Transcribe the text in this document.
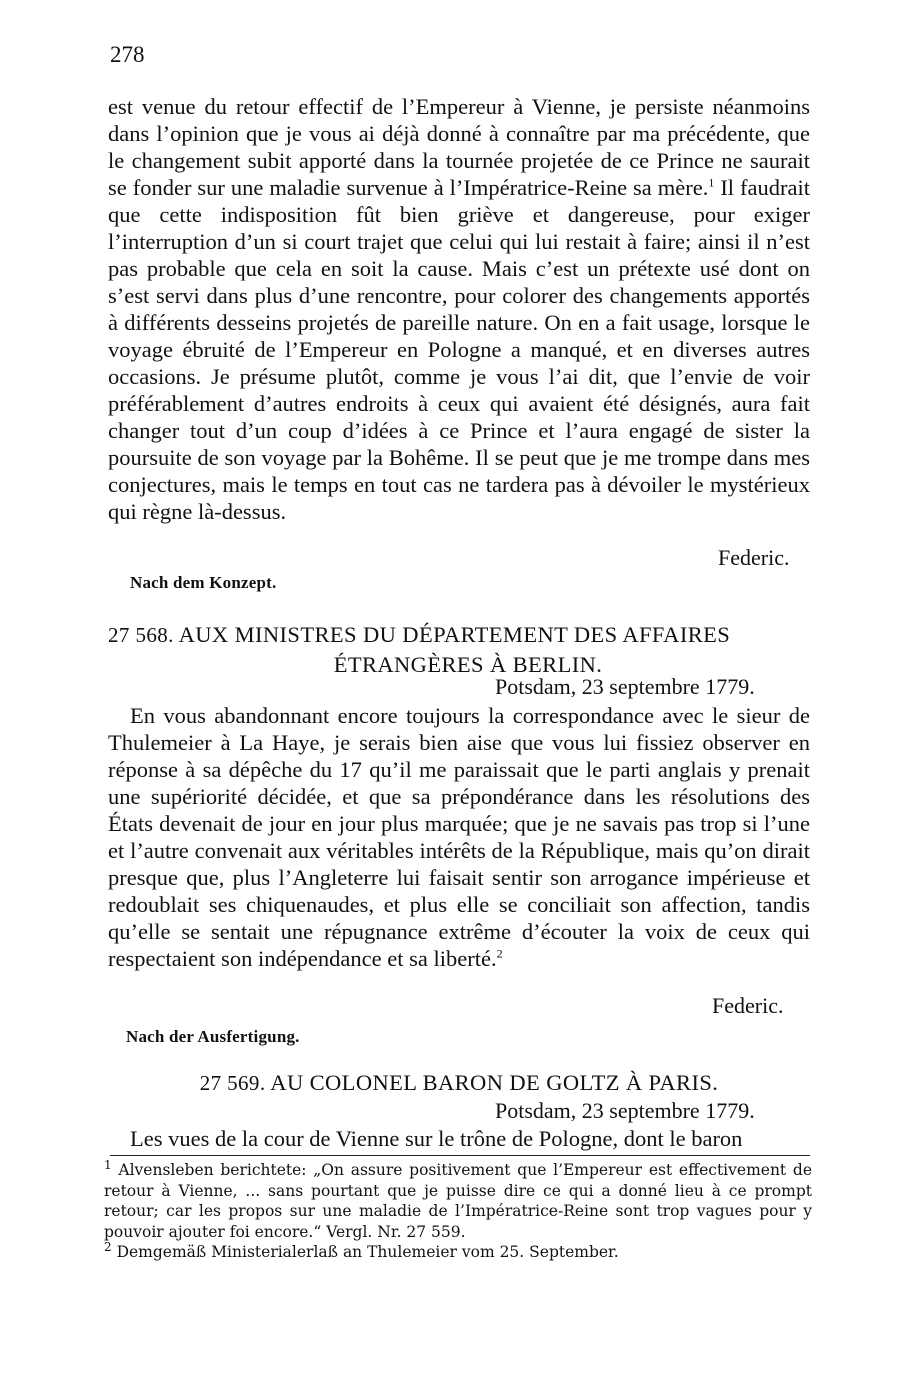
278

est venue du retour effectif de l’Empereur à Vienne, je persiste néanmoins dans l’opinion que je vous ai déjà donné à connaître par ma précédente, que le changement subit apporté dans la tournée projetée de ce Prince ne saurait se fonder sur une maladie survenue à l’Impératrice-Reine sa mère.$^1$ Il faudrait que cette indisposition fût bien griève et dangereuse, pour exiger l’interruption d’un si court trajet que celui qui lui restait à faire; ainsi il n’est pas probable que cela en soit la cause. Mais c’est un prétexte usé dont on s’est servi dans plus d’une rencontre, pour colorer des changements apportés à différents desseins projetés de pareille nature. On en a fait usage, lorsque le voyage ébruité de l’Empereur en Pologne a manqué, et en diverses autres occasions. Je présume plutôt, comme je vous l’ai dit, que l’envie de voir préférablement d’autres endroits à ceux qui avaient été désignés, aura fait changer tout d’un coup d’idées à ce Prince et l’aura engagé de sister la poursuite de son voyage par la Bohême. Il se peut que je me trompe dans mes conjectures, mais le temps en tout cas ne tardera pas à dévoiler le mystérieux qui règne là-dessus.

Federic.
Nach dem Konzept.
27 568. AUX MINISTRES DU DÉPARTEMENT DES AFFAIRES
ÉTRANGÈRES À BERLIN.
Potsdam, 23 septembre 1779.

En vous abandonnant encore toujours la correspondance avec le sieur de Thulemeier à La Haye, je serais bien aise que vous lui fissiez observer en réponse à sa dépêche du 17 qu’il me paraissait que le parti anglais y prenait une supériorité décidée, et que sa prépondérance dans les résolutions des États devenait de jour en jour plus marquée; que je ne savais pas trop si l’une et l’autre convenait aux véritables intérêts de la République, mais qu’on dirait presque que, plus l’Angleterre lui faisait sentir son arrogance impérieuse et redoublait ses chiquenaudes, et plus elle se conciliait son affection, tandis qu’elle se sentait une répugnance extrême d’écouter la voix de ceux qui respectaient son indépendance et sa liberté.$^2$

Federic.
Nach der Ausfertigung.
27 569. AU COLONEL BARON DE GOLTZ À PARIS.
Potsdam, 23 septembre 1779.

Les vues de la cour de Vienne sur le trône de Pologne, dont le baron

$^1$ Alvensleben berichtete: „On assure positivement que l’Empereur est effectivement de retour à Vienne, ... sans pourtant que je puisse dire ce qui a donné lieu à ce prompt retour; car les propos sur une maladie de l’Impératrice-Reine sont trop vagues pour y pouvoir ajouter foi encore.“ Vergl. Nr. 27 559.

$^2$ Demgemäß Ministerialerlaß an Thulemeier vom 25. September.
